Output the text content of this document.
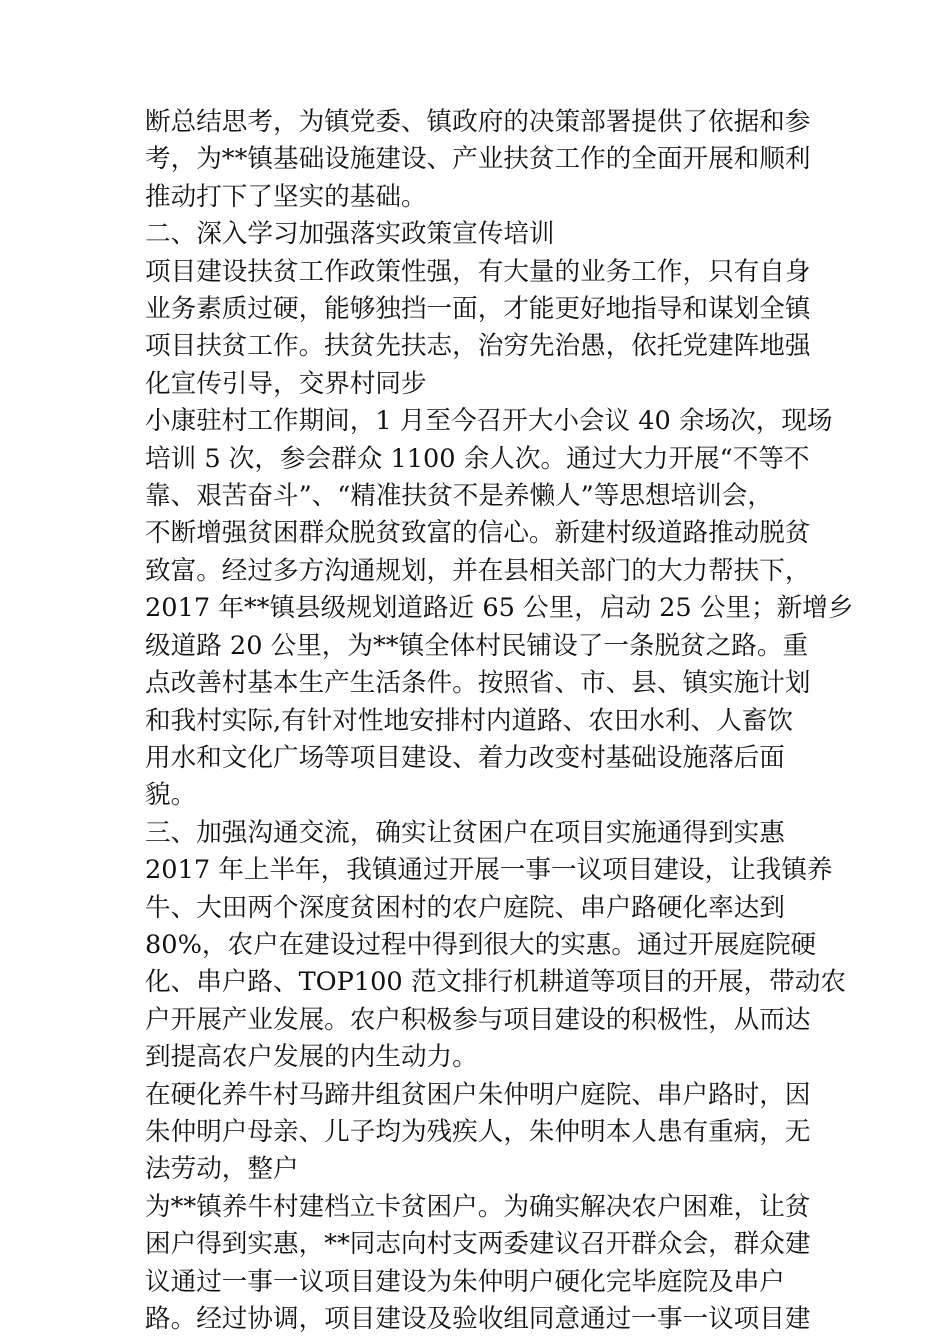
断总结思考，为镇党委、镇政府的决策部署提供了依据和参
考，为**镇基础设施建设、产业扶贫工作的全面开展和顺利
推动打下了坚实的基础。
二、深入学习加强落实政策宣传培训
项目建设扶贫工作政策性强，有大量的业务工作，只有自身
业务素质过硬，能够独挡一面，才能更好地指导和谋划全镇
项目扶贫工作。扶贫先扶志，治穷先治愚，依托党建阵地强
化宣传引导，交界村同步
小康驻村工作期间，1 月至今召开大小会议 40 余场次，现场
培训 5 次，参会群众 1100 余人次。通过大力开展“不等不
靠、艰苦奋斗”、“精准扶贫不是养懒人”等思想培训会，
不断增强贫困群众脱贫致富的信心。新建村级道路推动脱贫
致富。经过多方沟通规划，并在县相关部门的大力帮扶下，
2017 年**镇县级规划道路近 65 公里，启动 25 公里；新增乡
级道路 20 公里，为**镇全体村民铺设了一条脱贫之路。重
点改善村基本生产生活条件。按照省、市、县、镇实施计划
和我村实际,有针对性地安排村内道路、农田水利、人畜饮
用水和文化广场等项目建设、着力改变村基础设施落后面
貌。
三、加强沟通交流，确实让贫困户在项目实施通得到实惠
2017 年上半年，我镇通过开展一事一议项目建设，让我镇养
牛、大田两个深度贫困村的农户庭院、串户路硬化率达到
80%，农户在建设过程中得到很大的实惠。通过开展庭院硬
化、串户路、TOP100 范文排行机耕道等项目的开展，带动农
户开展产业发展。农户积极参与项目建设的积极性，从而达
到提高农户发展的内生动力。
在硬化养牛村马蹄井组贫困户朱仲明户庭院、串户路时，因
朱仲明户母亲、儿子均为残疾人，朱仲明本人患有重病，无
法劳动，整户
为**镇养牛村建档立卡贫困户。为确实解决农户困难，让贫
困户得到实惠，**同志向村支两委建议召开群众会，群众建
议通过一事一议项目建设为朱仲明户硬化完毕庭院及串户
路。经过协调，项目建设及验收组同意通过一事一议项目建
